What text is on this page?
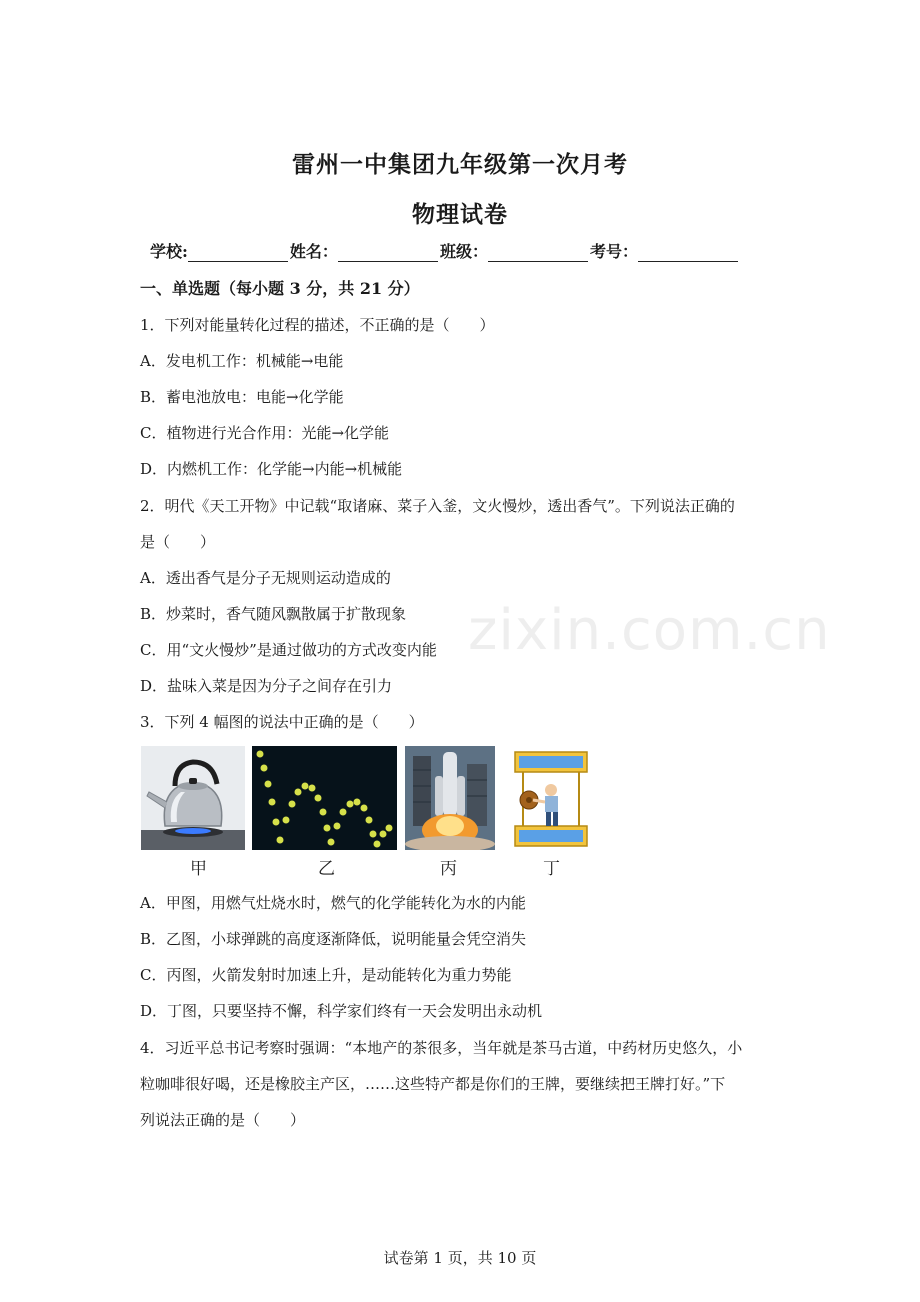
雷州一中集团九年级第一次月考
物理试卷
学校:	姓名：	班级：	考号：
一、单选题（每小题 3 分，共 21 分）
1．下列对能量转化过程的描述，不正确的是（　　）
A．发电机工作：机械能→电能
B．蓄电池放电：电能→化学能
C．植物进行光合作用：光能→化学能
D．内燃机工作：化学能→内能→机械能
2．明代《天工开物》中记载“取诸麻、菜子入釜，文火慢炒，透出香气”。下列说法正确的
是（　　）
A．透出香气是分子无规则运动造成的
B．炒菜时，香气随风飘散属于扩散现象
C．用“文火慢炒”是通过做功的方式改变内能
D．盐味入菜是因为分子之间存在引力
3．下列 4 幅图的说法中正确的是（　　）
甲	乙	丙	丁
A．甲图，用燃气灶烧水时，燃气的化学能转化为水的内能
B．乙图，小球弹跳的高度逐渐降低，说明能量会凭空消失
C．丙图，火箭发射时加速上升，是动能转化为重力势能
D．丁图，只要坚持不懈，科学家们终有一天会发明出永动机
4．习近平总书记考察时强调：“本地产的茶很多，当年就是茶马古道，中药材历史悠久，小
粒咖啡很好喝，还是橡胶主产区，……这些特产都是你们的王牌，要继续把王牌打好。”下
列说法正确的是（　　）
zixin.com.cn
试卷第 1 页，共 10 页
